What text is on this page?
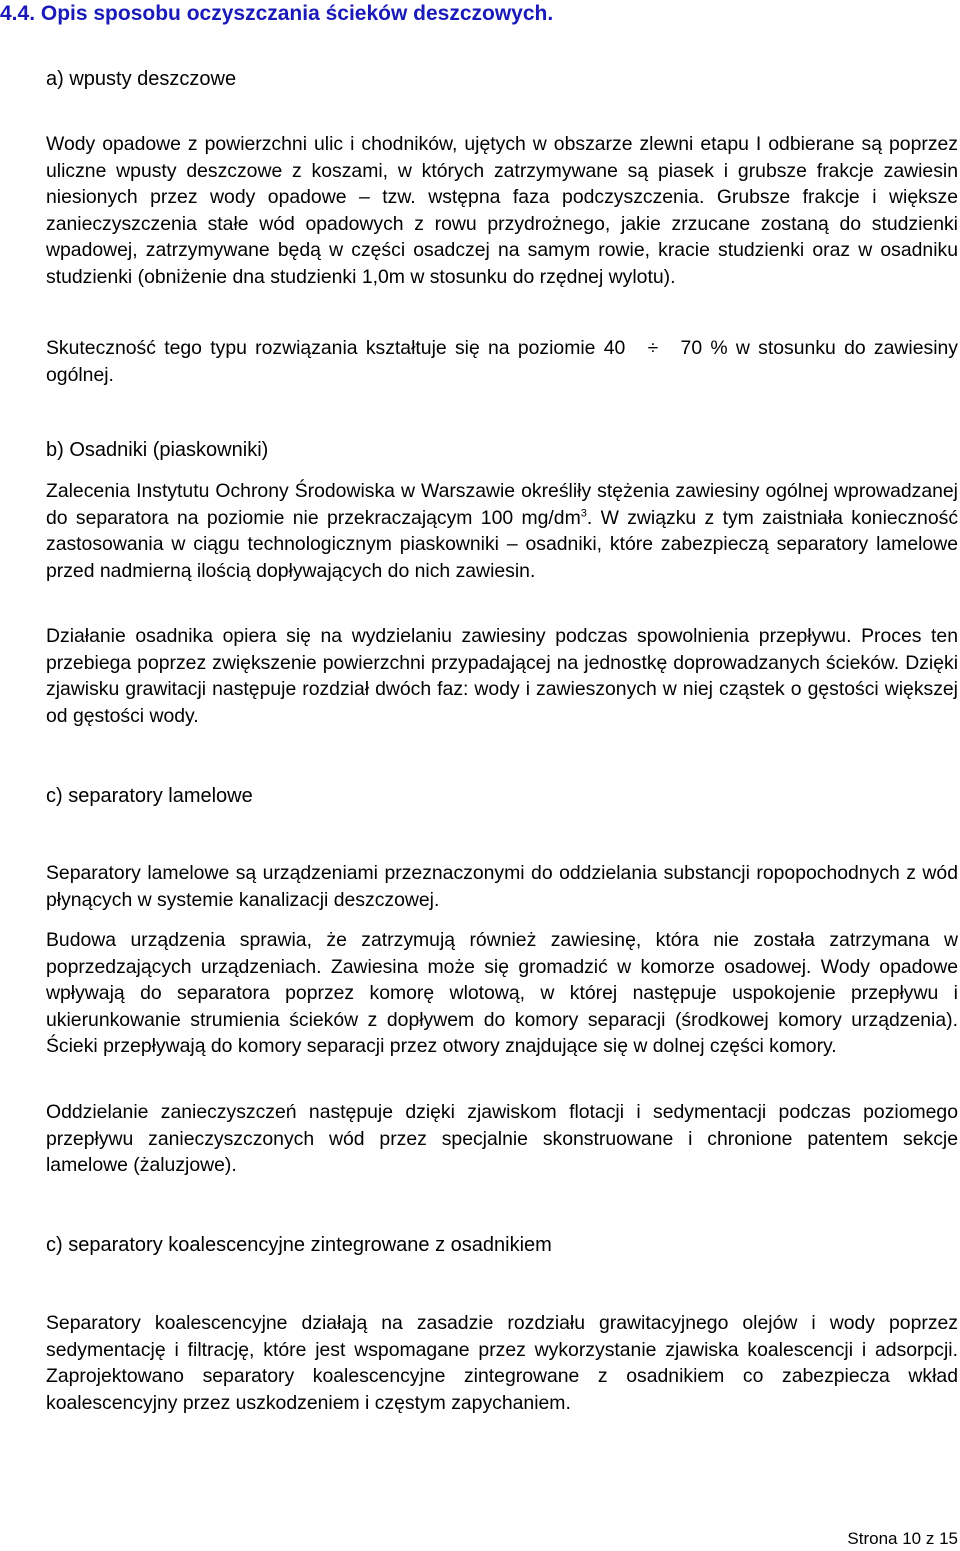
4.4. Opis sposobu oczyszczania ścieków deszczowych.
a) wpusty deszczowe
Wody opadowe z powierzchni ulic i chodników, ujętych w obszarze zlewni etapu I odbierane są poprzez uliczne wpusty deszczowe z koszami, w których zatrzymywane są piasek i grubsze frakcje zawiesin niesionych przez wody opadowe – tzw. wstępna faza podczyszczenia. Grubsze frakcje i większe zanieczyszczenia stałe wód opadowych z rowu przydrożnego, jakie zrzucane zostaną do studzienki wpadowej, zatrzymywane będą w części osadczej na samym rowie, kracie studzienki oraz w osadniku studzienki (obniżenie dna studzienki 1,0m w stosunku do rzędnej wylotu).
Skuteczność tego typu rozwiązania kształtuje się na poziomie 40 ÷ 70 % w stosunku do zawiesiny ogólnej.
b) Osadniki (piaskowniki)
Zalecenia Instytutu Ochrony Środowiska w Warszawie określiły stężenia zawiesiny ogólnej wprowadzanej do separatora na poziomie nie przekraczającym 100 $mg/dm^3$. W związku z tym zaistniała konieczność zastosowania w ciągu technologicznym piaskowniki – osadniki, które zabezpieczą separatory lamelowe przed nadmierną ilością dopływających do nich zawiesin.
Działanie osadnika opiera się na wydzielaniu zawiesiny podczas spowolnienia przepływu. Proces ten przebiega poprzez zwiększenie powierzchni przypadającej na jednostkę doprowadzanych ścieków. Dzięki zjawisku grawitacji następuje rozdział dwóch faz: wody i zawieszonych w niej cząstek o gęstości większej od gęstości wody.
c) separatory lamelowe
Separatory lamelowe są urządzeniami przeznaczonymi do oddzielania substancji ropopochodnych z wód płynących w systemie kanalizacji deszczowej.
Budowa urządzenia sprawia, że zatrzymują również zawiesinę, która nie została zatrzymana w poprzedzających urządzeniach. Zawiesina może się gromadzić w komorze osadowej. Wody opadowe wpływają do separatora poprzez komorę wlotową, w której następuje uspokojenie przepływu i ukierunkowanie strumienia ścieków z dopływem do komory separacji (środkowej komory urządzenia). Ścieki przepływają do komory separacji przez otwory znajdujące się w dolnej części komory.
Oddzielanie zanieczyszczeń następuje dzięki zjawiskom flotacji i sedymentacji podczas poziomego przepływu zanieczyszczonych wód przez specjalnie skonstruowane i chronione patentem sekcje lamelowe (żaluzjowe).
c) separatory koalescencyjne zintegrowane z osadnikiem
Separatory koalescencyjne działają na zasadzie rozdziału grawitacyjnego olejów i wody poprzez sedymentację i filtrację, które jest wspomagane przez wykorzystanie zjawiska koalescencji i adsorpcji. Zaprojektowano separatory koalescencyjne zintegrowane z osadnikiem co zabezpiecza wkład koalescencyjny przez uszkodzeniem i częstym zapychaniem.
Strona 10 z 15
